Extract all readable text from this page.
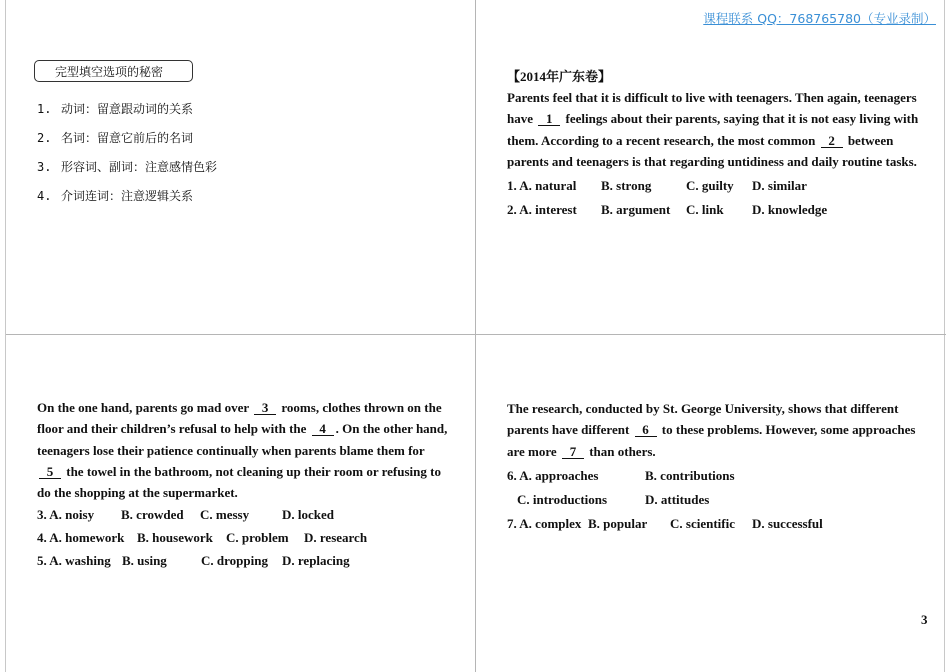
课程联系 QQ：768765780（专业录制）
完型填空选项的秘密
1. 动词：留意跟动词的关系
2. 名词：留意它前后的名词
3. 形容词、副词：注意感情色彩
4. 介词连词：注意逻辑关系
【2014年广东卷】

Parents feel that it is difficult to live with teenagers. Then again, teenagers have 1 feelings about their parents, saying that it is not easy living with them. According to a recent research, the most common 2 between parents and teenagers is that regarding untidiness and daily routine tasks.

1. A. natural B. strong	C. guilty D. similar
2. A. interest B. argument C. link D. knowledge

On the one hand, parents go mad over 3 rooms, clothes thrown on the floor and their children’s refusal to help with the 4 . On the other hand, teenagers lose their patience continually when parents blame them for 5 the towel in the bathroom, not cleaning up their room or refusing to do the shopping at the supermarket.

3. A. noisy B. crowded C. messy	D. locked
4. A. homework B. housework C. problem D. research
5. A. washing B. using	C. dropping D. replacing

The research, conducted by St. George University, shows that different parents have different 6 to these problems. However, some approaches are more 7 than others.

6. A. approaches	B. contributions
C. introductions	D. attitudes
7. A. complex B. popular C. scientific D. successful
3
